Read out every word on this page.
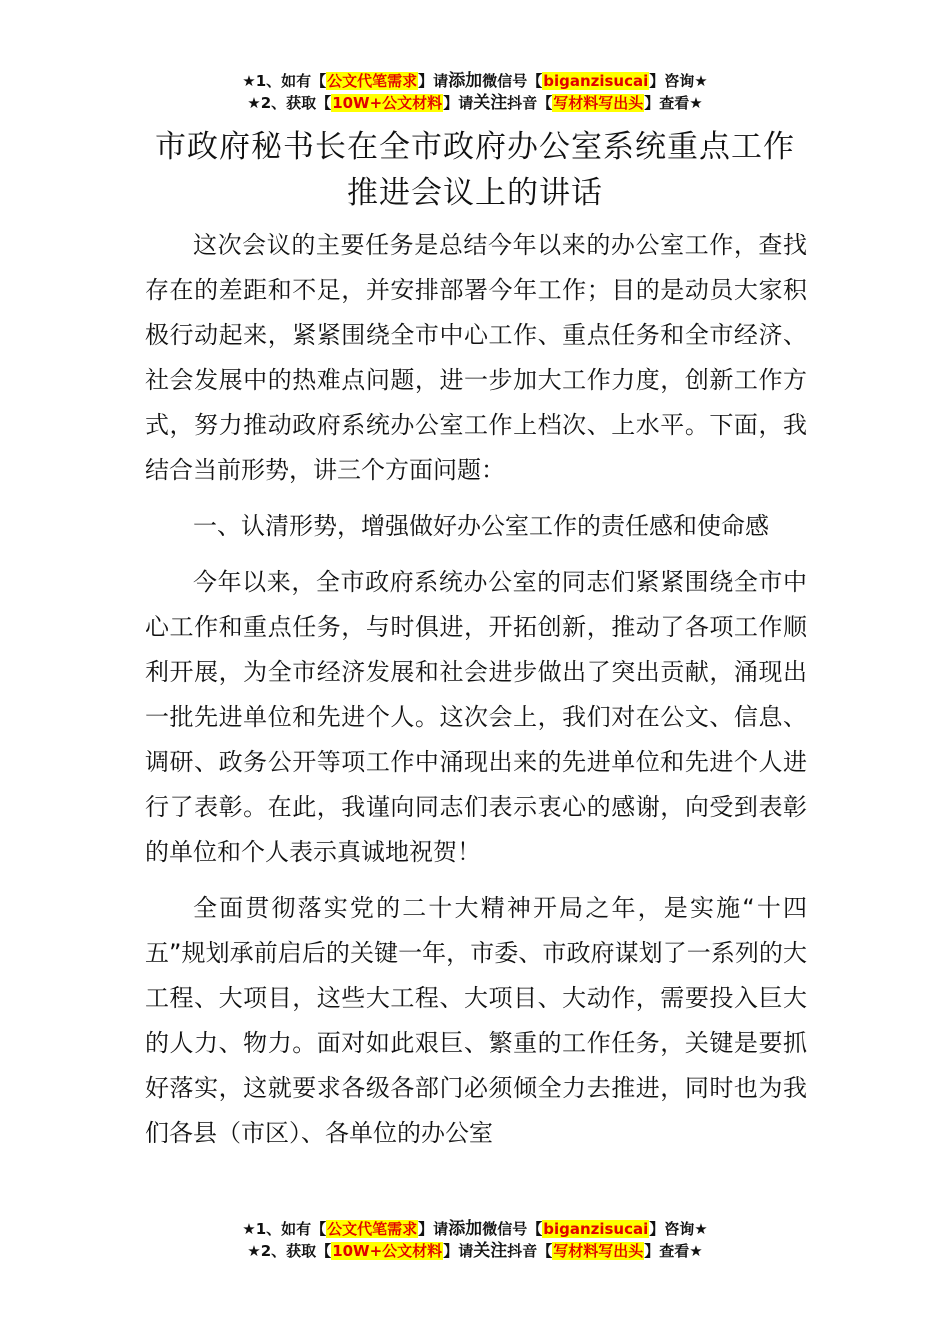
★1、如有【公文代笔需求】请添加微信号【biganzisucai】咨询★
★2、获取【10W+公文材料】请关注抖音【写材料写出头】查看★
市政府秘书长在全市政府办公室系统重点工作推进会议上的讲话

这次会议的主要任务是总结今年以来的办公室工作，查找存在的差距和不足，并安排部署今年工作；目的是动员大家积极行动起来，紧紧围绕全市中心工作、重点任务和全市经济、社会发展中的热难点问题，进一步加大工作力度，创新工作方式，努力推动政府系统办公室工作上档次、上水平。下面，我结合当前形势，讲三个方面问题：

一、认清形势，增强做好办公室工作的责任感和使命感

今年以来，全市政府系统办公室的同志们紧紧围绕全市中心工作和重点任务，与时俱进，开拓创新，推动了各项工作顺利开展，为全市经济发展和社会进步做出了突出贡献，涌现出一批先进单位和先进个人。这次会上，我们对在公文、信息、调研、政务公开等项工作中涌现出来的先进单位和先进个人进行了表彰。在此，我谨向同志们表示衷心的感谢，向受到表彰的单位和个人表示真诚地祝贺！

全面贯彻落实党的二十大精神开局之年，是实施“十四五”规划承前启后的关键一年，市委、市政府谋划了一系列的大工程、大项目，这些大工程、大项目、大动作，需要投入巨大的人力、物力。面对如此艰巨、繁重的工作任务，关键是要抓好落实，这就要求各级各部门必须倾全力去推进，同时也为我们各县（市区）、各单位的办公室

★1、如有【公文代笔需求】请添加微信号【biganzisucai】咨询★
★2、获取【10W+公文材料】请关注抖音【写材料写出头】查看★
